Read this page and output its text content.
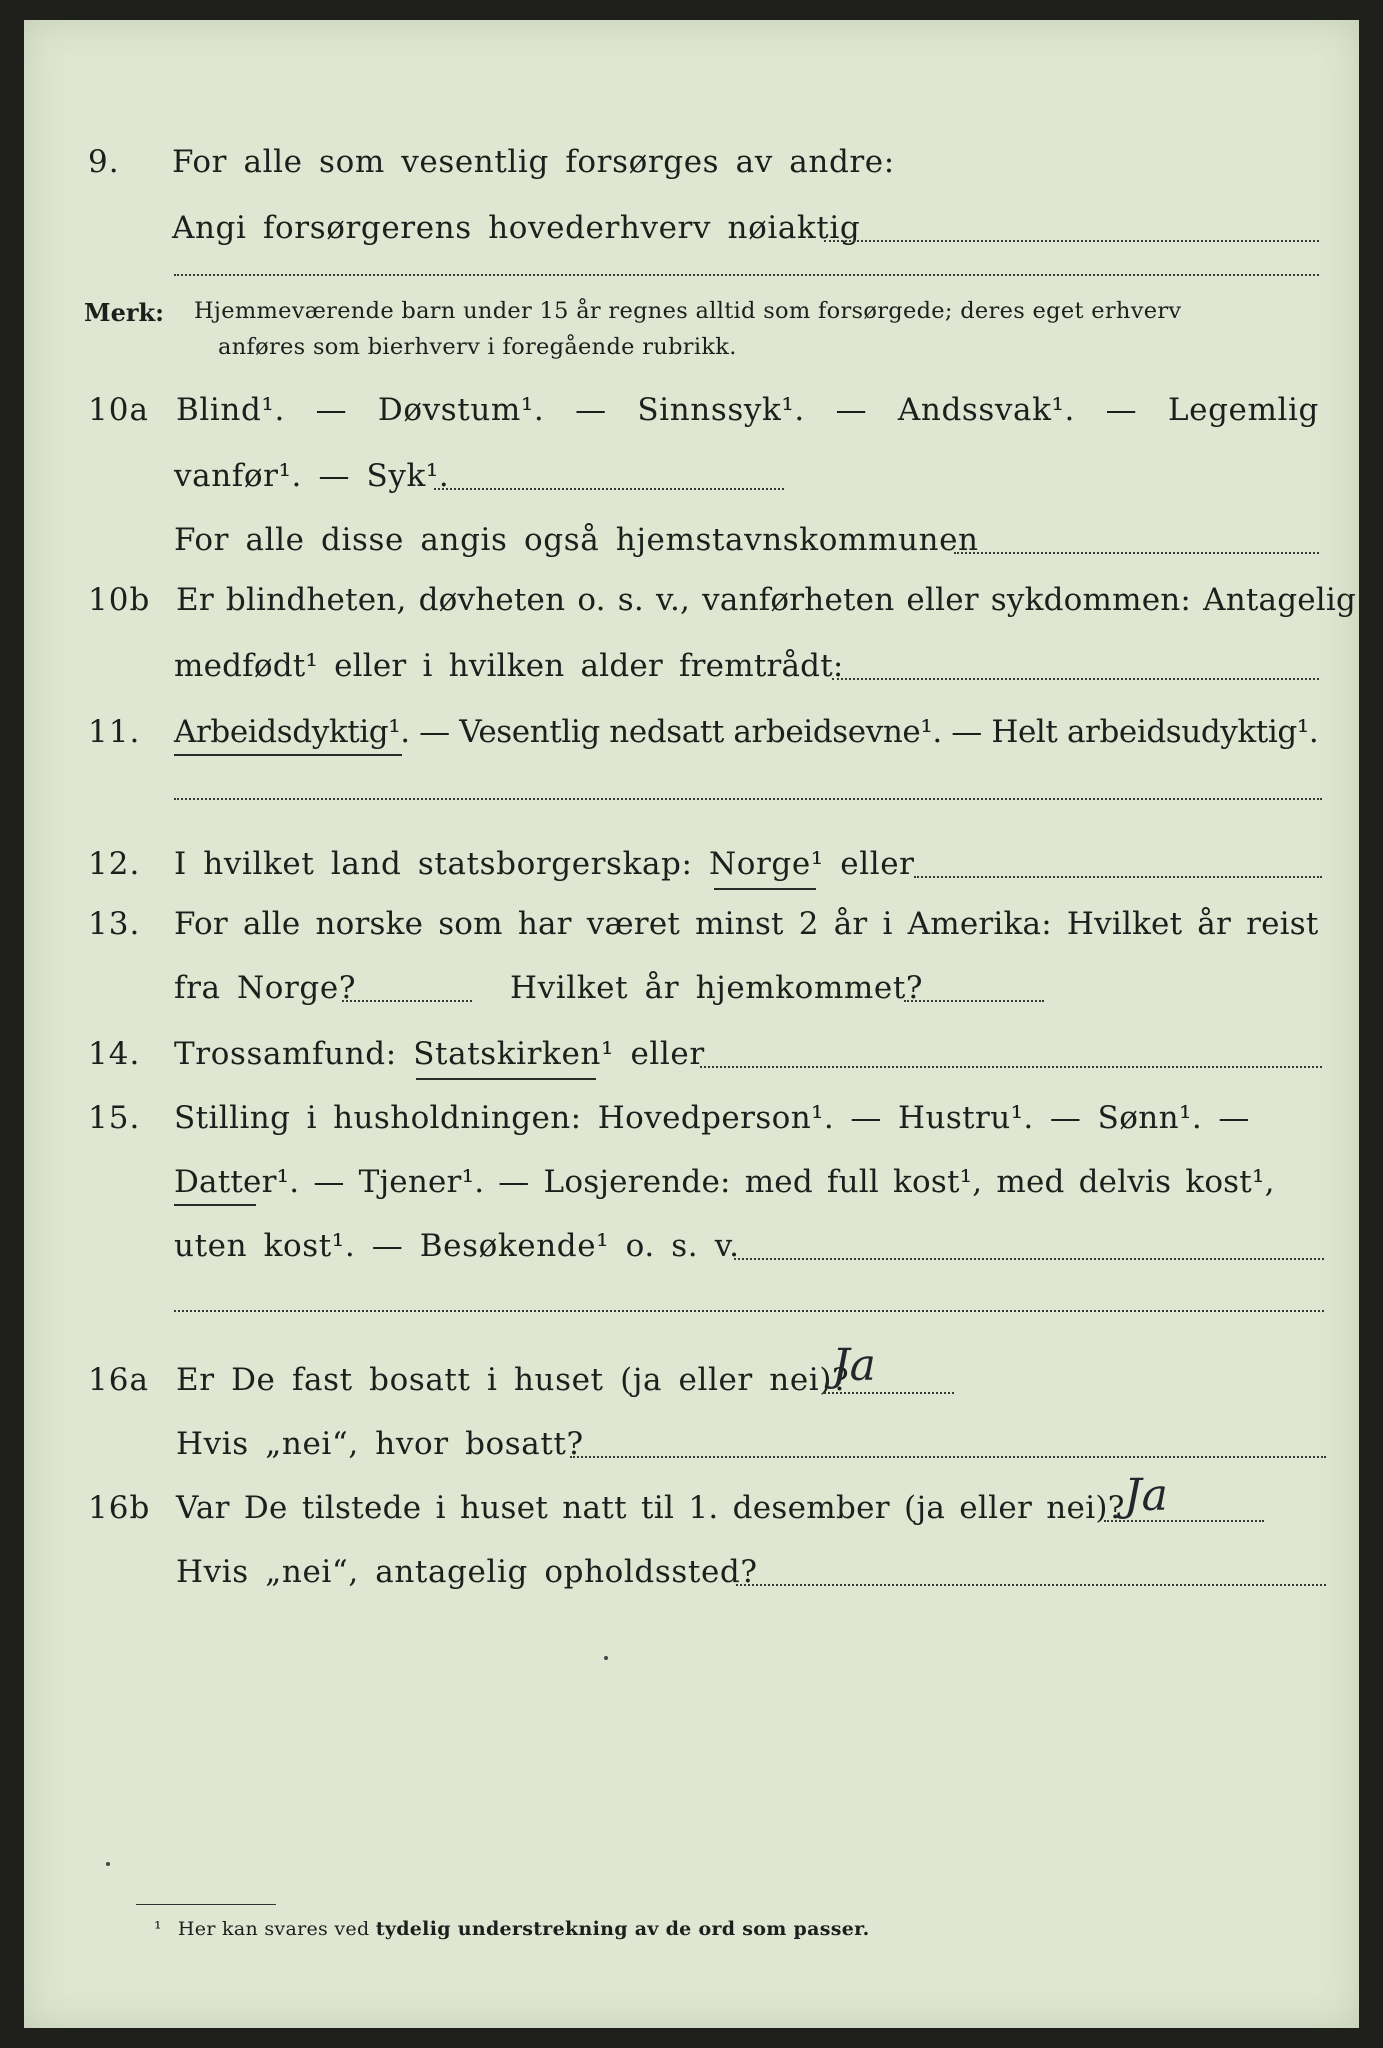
9. For alle som vesentlig forsørges av andre:
Angi forsørgerens hovederhverv nøiaktig
Merk: Hjemmeværende barn under 15 år regnes alltid som forsørgede; deres eget erhverv
anføres som bierhverv i foregående rubrikk.
10a Blind¹. — Døvstum¹. — Sinnssyk¹. — Andssvak¹. — Legemlig
vanfør¹. — Syk¹.
For alle disse angis også hjemstavnskommunen
10b Er blindheten, døvheten o. s. v., vanførheten eller sykdommen: Antagelig
medfødt¹ eller i hvilken alder fremtrådt:
11. Arbeidsdyktig¹. — Vesentlig nedsatt arbeidsevne¹. — Helt arbeidsudyktig¹.
12. I hvilket land statsborgerskap: Norge¹ eller
13. For alle norske som har været minst 2 år i Amerika: Hvilket år reist
fra Norge?	Hvilket år hjemkommet?
14. Trossamfund: Statskirken¹ eller
15. Stilling i husholdningen: Hovedperson¹. — Hustru¹. — Sønn¹. —
Datter¹. — Tjener¹. — Losjerende: med full kost¹, med delvis kost¹,
uten kost¹. — Besøkende¹ o. s. v.
16a Er De fast bosatt i huset (ja eller nei)?
Ja
Hvis „nei“, hvor bosatt?
16b Var De tilstede i huset natt til 1. desember (ja eller nei)? Ja
Hvis „nei“, antagelig opholdssted?
¹ Her kan svares ved tydelig understrekning av de ord som passer.
